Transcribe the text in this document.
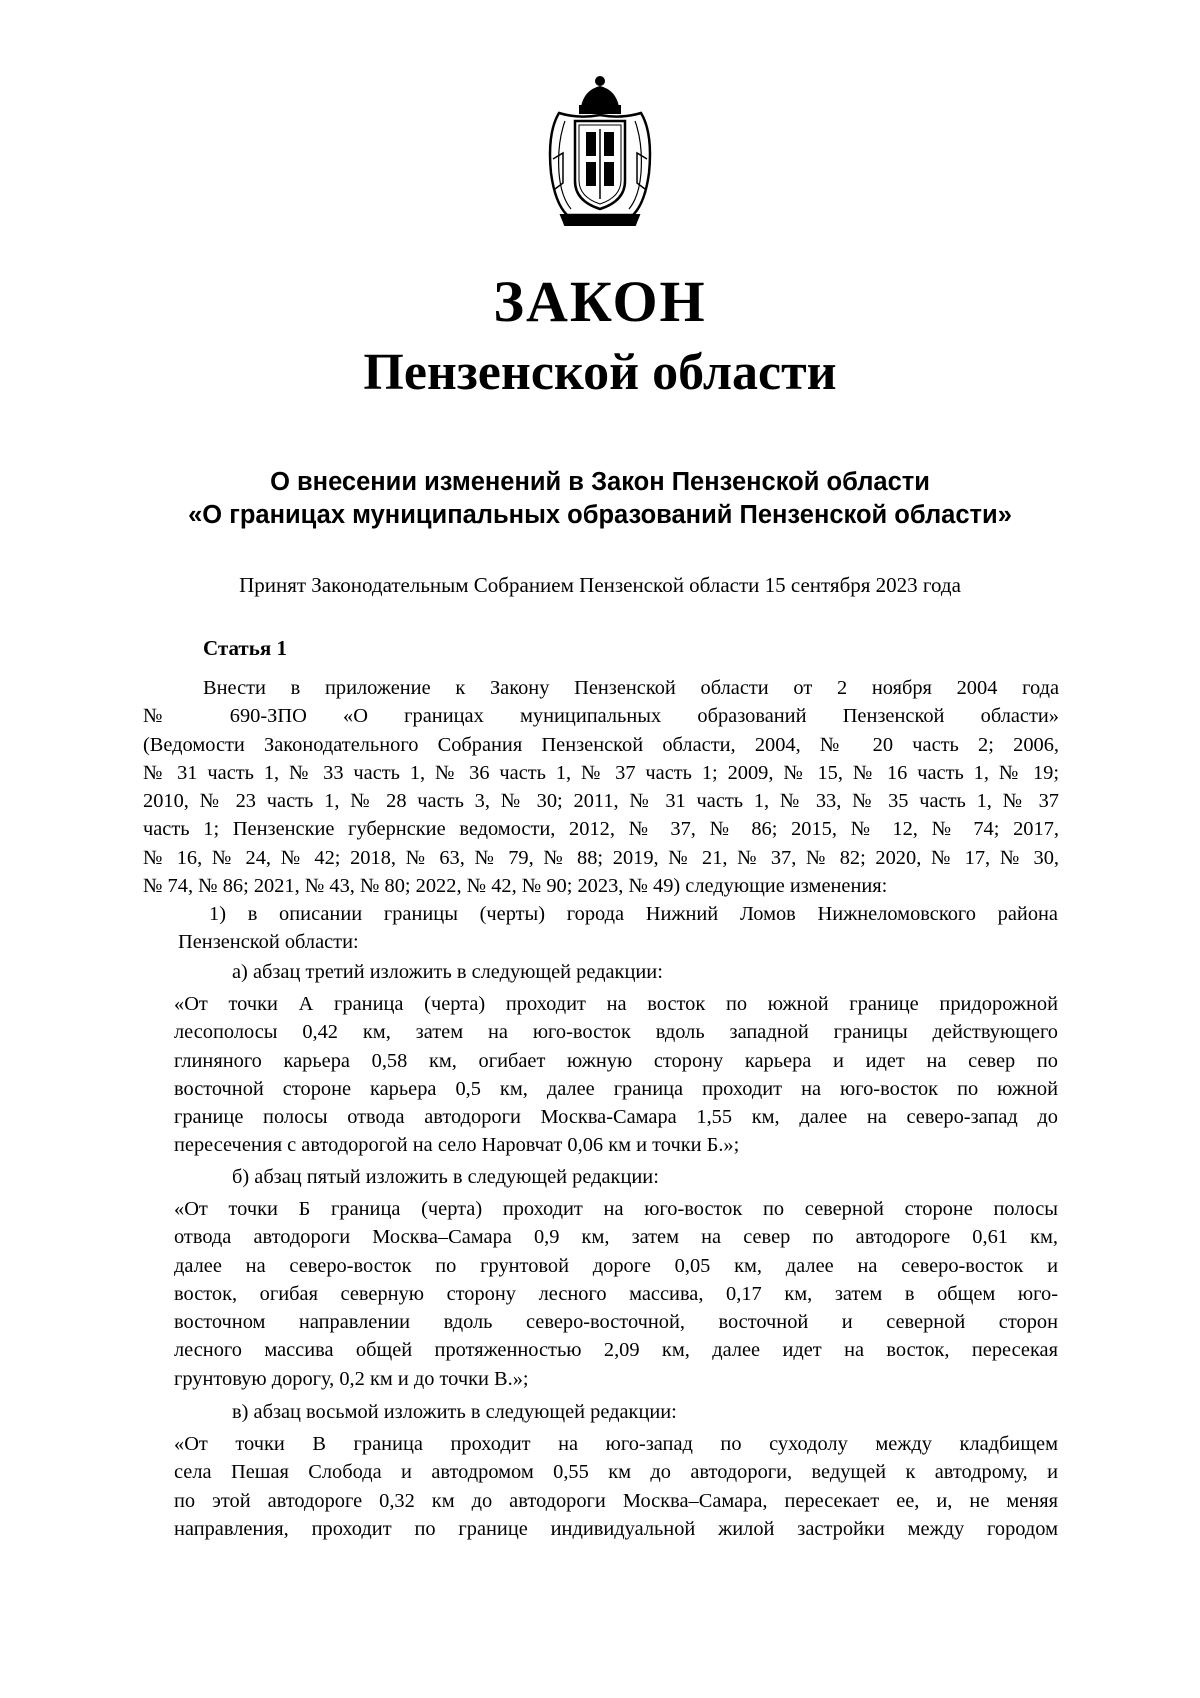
ЗАКОН
Пензенской области
О внесении изменений в Закон Пензенской области
«О границах муниципальных образований Пензенской области»
Принят Законодательным Собранием Пензенской области 15 сентября 2023 года
Статья 1
Внести в приложение к Закону Пензенской области от 2 ноября 2004 года
№ 690-ЗПО «О границах муниципальных образований Пензенской области»
(Ведомости Законодательного Собрания Пензенской области, 2004, № 20 часть 2; 2006,
№ 31 часть 1, № 33 часть 1, № 36 часть 1, № 37 часть 1; 2009, № 15, № 16 часть 1, № 19;
2010, № 23 часть 1, № 28 часть 3, № 30; 2011, № 31 часть 1, № 33, № 35 часть 1, № 37
часть 1; Пензенские губернские ведомости, 2012, № 37, № 86; 2015, № 12, № 74; 2017,
№ 16, № 24, № 42; 2018, № 63, № 79, № 88; 2019, № 21, № 37, № 82; 2020, № 17, № 30,
№ 74, № 86; 2021, № 43, № 80; 2022, № 42, № 90; 2023, № 49) следующие изменения:
1) в описании границы (черты) города Нижний Ломов Нижнеломовского района
Пензенской области:
а) абзац третий изложить в следующей редакции:
«От точки А граница (черта) проходит на восток по южной границе придорожной
лесополосы 0,42 км, затем на юго-восток вдоль западной границы действующего
глиняного карьера 0,58 км, огибает южную сторону карьера и идет на север по
восточной стороне карьера 0,5 км, далее граница проходит на юго-восток по южной
границе полосы отвода автодороги Москва-Самара 1,55 км, далее на северо-запад до
пересечения с автодорогой на село Наровчат 0,06 км и точки Б.»;
б) абзац пятый изложить в следующей редакции:
«От точки Б граница (черта) проходит на юго-восток по северной стороне полосы
отвода автодороги Москва–Самара 0,9 км, затем на север по автодороге 0,61 км,
далее на северо-восток по грунтовой дороге 0,05 км, далее на северо-восток и
восток, огибая северную сторону лесного массива, 0,17 км, затем в общем юго-
восточном направлении вдоль северо-восточной, восточной и северной сторон
лесного массива общей протяженностью 2,09 км, далее идет на восток, пересекая
грунтовую дорогу, 0,2 км и до точки В.»;
в) абзац восьмой изложить в следующей редакции:
«От точки В граница проходит на юго-запад по суходолу между кладбищем
села Пешая Слобода и автодромом 0,55 км до автодороги, ведущей к автодрому, и
по этой автодороге 0,32 км до автодороги Москва–Самара, пересекает ее, и, не меняя
направления, проходит по границе индивидуальной жилой застройки между городом
